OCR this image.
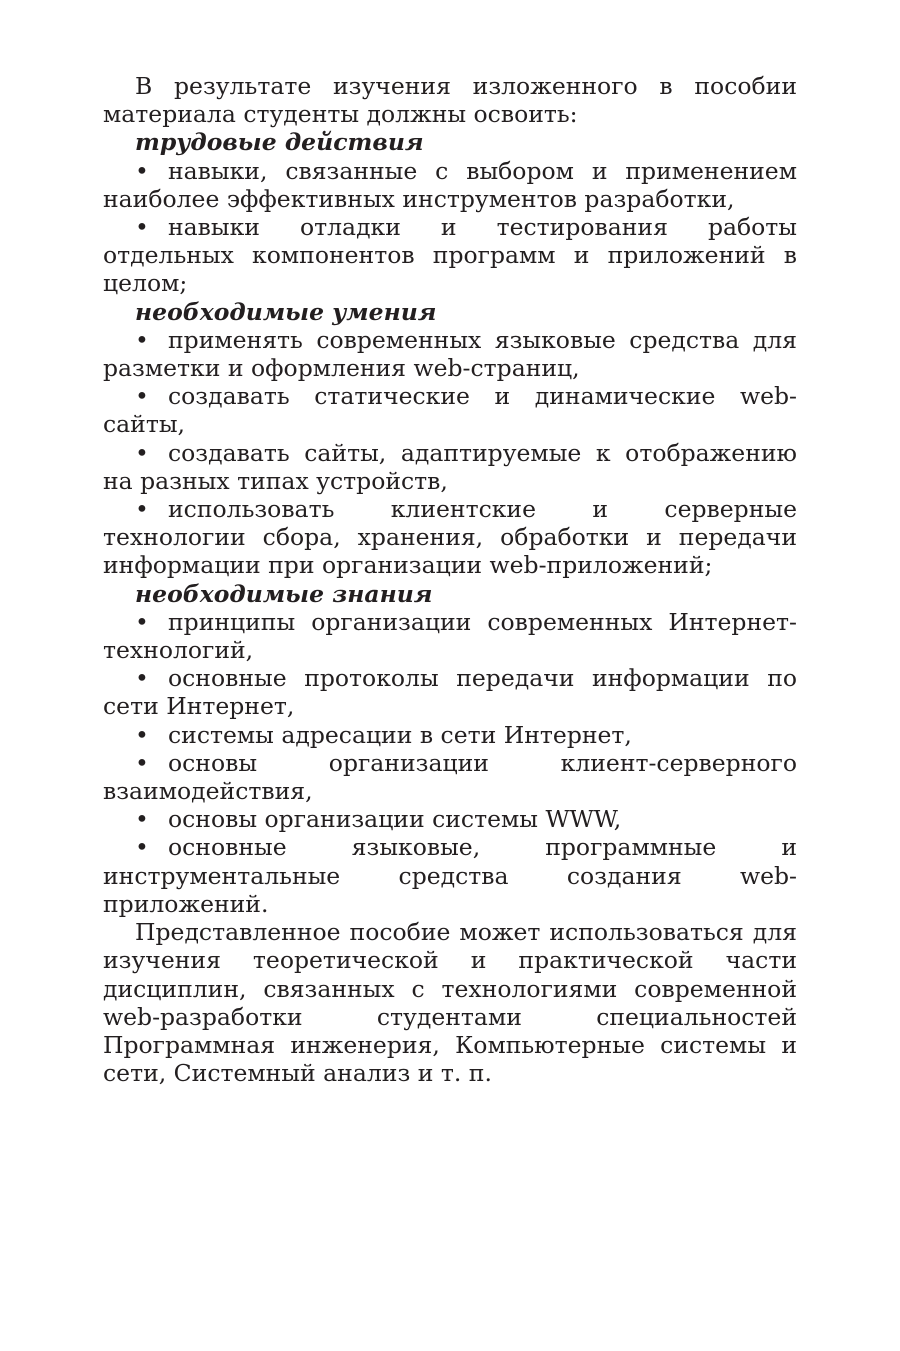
В результате изучения изложенного в пособии материала студенты должны освоить:

трудовые действия

• навыки, связанные с выбором и применением наиболее эффективных инструментов разработки,

• навыки отладки и тестирования работы отдельных компонентов программ и приложений в целом;

необходимые умения

• применять современных языковые средства для разметки и оформления web-страниц,

• создавать статические и динамические web-сайты,

• создавать сайты, адаптируемые к отображению на разных типах устройств,

• использовать клиентские и серверные технологии сбора, хранения, обработки и передачи информации при организации web-приложений;

необходимые знания

• принципы организации современных Интернет-технологий,

• основные протоколы передачи информации по сети Интернет,

• системы адресации в сети Интернет,

• основы организации клиент-серверного взаимодействия,

• основы организации системы WWW,

• основные языковые, программные и инструментальные средства создания web-приложений.

Представленное пособие может использоваться для изучения теоретической и практической части дисциплин, связанных с технологиями современной web-разработки студентами специальностей Программная инженерия, Компьютерные системы и сети, Системный анализ и т. п.
